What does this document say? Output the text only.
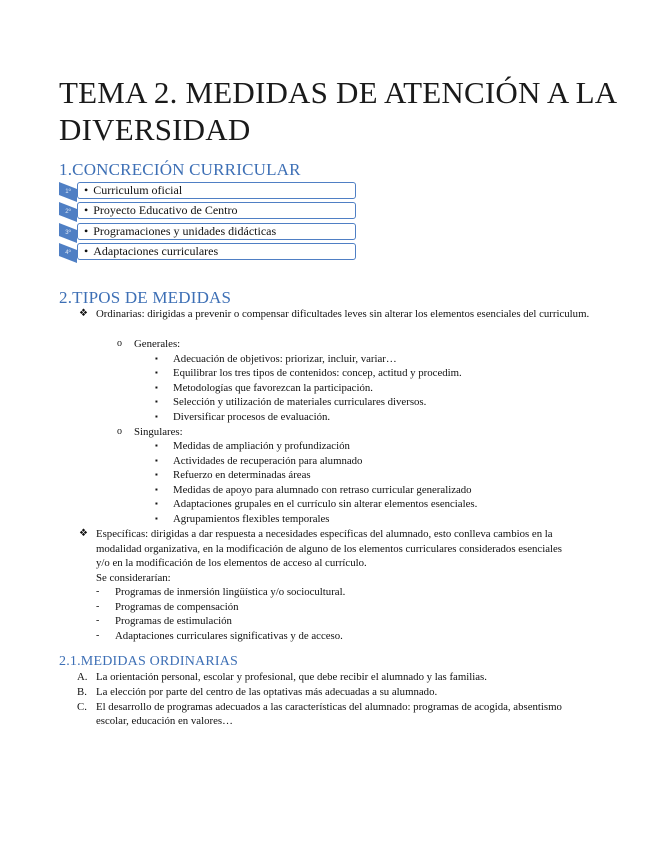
TEMA 2. MEDIDAS DE ATENCIÓN A LA DIVERSIDAD
1.CONCRECIÓN CURRICULAR
1º	• Curriculum oficial
2º	• Proyecto Educativo de Centro
3º	• Programaciones y unidades didácticas
4º	• Adaptaciones curriculares
2.TIPOS DE MEDIDAS
❖ Ordinarias: dirigidas a prevenir o compensar dificultades leves sin alterar los elementos esenciales del curriculum.
o Generales:
▪ Adecuación de objetivos: priorizar, incluir, variar…
▪ Equilibrar los tres tipos de contenidos: concep, actitud y procedim.
▪ Metodologías que favorezcan la participación.
▪ Selección y utilización de materiales curriculares diversos.
▪ Diversificar procesos de evaluación.
o Singulares:
▪ Medidas de ampliación y profundización
▪ Actividades de recuperación para alumnado
▪ Refuerzo en determinadas áreas
▪ Medidas de apoyo para alumnado con retraso curricular generalizado
▪ Adaptaciones grupales en el currículo sin alterar elementos esenciales.
▪ Agrupamientos flexibles temporales
❖ Específicas: dirigidas a dar respuesta a necesidades específicas del alumnado, esto conlleva cambios en la
modalidad organizativa, en la modificación de alguno de los elementos curriculares considerados esenciales
y/o en la modificación de los elementos de acceso al currículo.
Se considerarían:
- Programas de inmersión lingüística y/o sociocultural.
- Programas de compensación
- Programas de estimulación
- Adaptaciones curriculares significativas y de acceso.
2.1.MEDIDAS ORDINARIAS
A. La orientación personal, escolar y profesional, que debe recibir el alumnado y las familias.
B. La elección por parte del centro de las optativas más adecuadas a su alumnado.
C. El desarrollo de programas adecuados a las características del alumnado: programas de acogida, absentismo
escolar, educación en valores…
